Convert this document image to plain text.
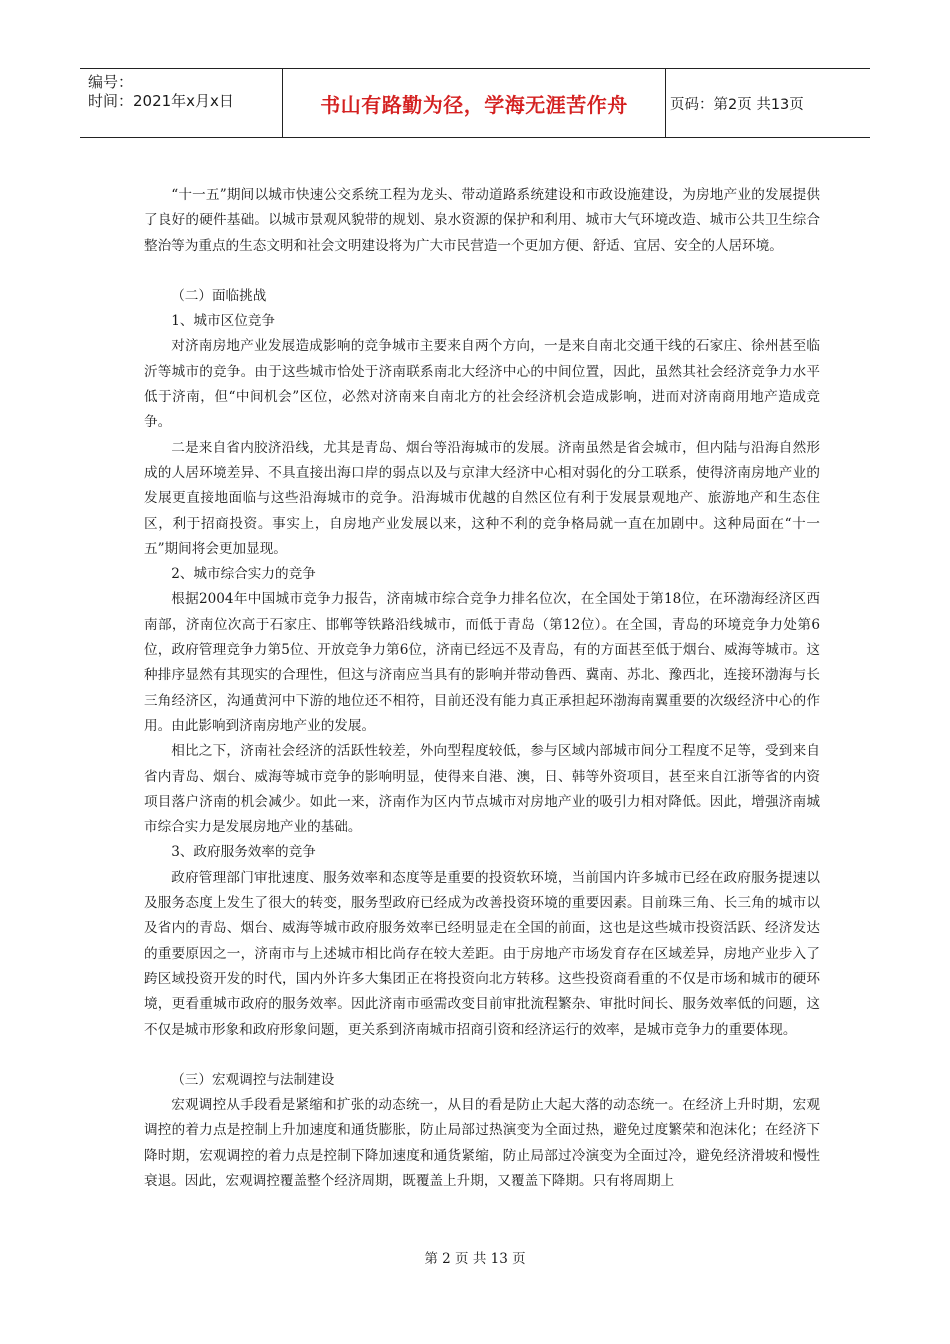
编号：
时间：2021年x月x日	书山有路勤为径，学海无涯苦作舟	页码：第2页 共13页

“十一五”期间以城市快速公交系统工程为龙头、带动道路系统建设和市政设施建设，为房地产业的发展提供了良好的硬件基础。以城市景观风貌带的规划、泉水资源的保护和利用、城市大气环境改造、城市公共卫生综合整治等为重点的生态文明和社会文明建设将为广大市民营造一个更加方便、舒适、宜居、安全的人居环境。

（二）面临挑战

1、城市区位竞争

对济南房地产业发展造成影响的竞争城市主要来自两个方向，一是来自南北交通干线的石家庄、徐州甚至临沂等城市的竞争。由于这些城市恰处于济南联系南北大经济中心的中间位置，因此，虽然其社会经济竞争力水平低于济南，但“中间机会”区位，必然对济南来自南北方的社会经济机会造成影响，进而对济南商用地产造成竞争。

二是来自省内胶济沿线，尤其是青岛、烟台等沿海城市的发展。济南虽然是省会城市，但内陆与沿海自然形成的人居环境差异、不具直接出海口岸的弱点以及与京津大经济中心相对弱化的分工联系，使得济南房地产业的发展更直接地面临与这些沿海城市的竞争。沿海城市优越的自然区位有利于发展景观地产、旅游地产和生态住区，利于招商投资。事实上，自房地产业发展以来，这种不利的竞争格局就一直在加剧中。这种局面在“十一五”期间将会更加显现。

2、城市综合实力的竞争

根据2004年中国城市竞争力报告，济南城市综合竞争力排名位次，在全国处于第18位，在环渤海经济区西南部，济南位次高于石家庄、邯郸等铁路沿线城市，而低于青岛（第12位）。在全国，青岛的环境竞争力处第6位，政府管理竞争力第5位、开放竞争力第6位，济南已经远不及青岛，有的方面甚至低于烟台、威海等城市。这种排序显然有其现实的合理性，但这与济南应当具有的影响并带动鲁西、冀南、苏北、豫西北，连接环渤海与长三角经济区，沟通黄河中下游的地位还不相符，目前还没有能力真正承担起环渤海南翼重要的次级经济中心的作用。由此影响到济南房地产业的发展。

相比之下，济南社会经济的活跃性较差，外向型程度较低，参与区域内部城市间分工程度不足等，受到来自省内青岛、烟台、威海等城市竞争的影响明显，使得来自港、澳，日、韩等外资项目，甚至来自江浙等省的内资项目落户济南的机会减少。如此一来，济南作为区内节点城市对房地产业的吸引力相对降低。因此，增强济南城市综合实力是发展房地产业的基础。

3、政府服务效率的竞争

政府管理部门审批速度、服务效率和态度等是重要的投资软环境，当前国内许多城市已经在政府服务提速以及服务态度上发生了很大的转变，服务型政府已经成为改善投资环境的重要因素。目前珠三角、长三角的城市以及省内的青岛、烟台、威海等城市政府服务效率已经明显走在全国的前面，这也是这些城市投资活跃、经济发达的重要原因之一，济南市与上述城市相比尚存在较大差距。由于房地产市场发育存在区域差异，房地产业步入了跨区域投资开发的时代，国内外许多大集团正在将投资向北方转移。这些投资商看重的不仅是市场和城市的硬环境，更看重城市政府的服务效率。因此济南市亟需改变目前审批流程繁杂、审批时间长、服务效率低的问题，这不仅是城市形象和政府形象问题，更关系到济南城市招商引资和经济运行的效率，是城市竞争力的重要体现。

（三）宏观调控与法制建设

宏观调控从手段看是紧缩和扩张的动态统一，从目的看是防止大起大落的动态统一。在经济上升时期，宏观调控的着力点是控制上升加速度和通货膨胀，防止局部过热演变为全面过热，避免过度繁荣和泡沫化；在经济下降时期，宏观调控的着力点是控制下降加速度和通货紧缩，防止局部过冷演变为全面过冷，避免经济滑坡和慢性衰退。因此，宏观调控覆盖整个经济周期，既覆盖上升期，又覆盖下降期。只有将周期上

第 2 页 共 13 页
